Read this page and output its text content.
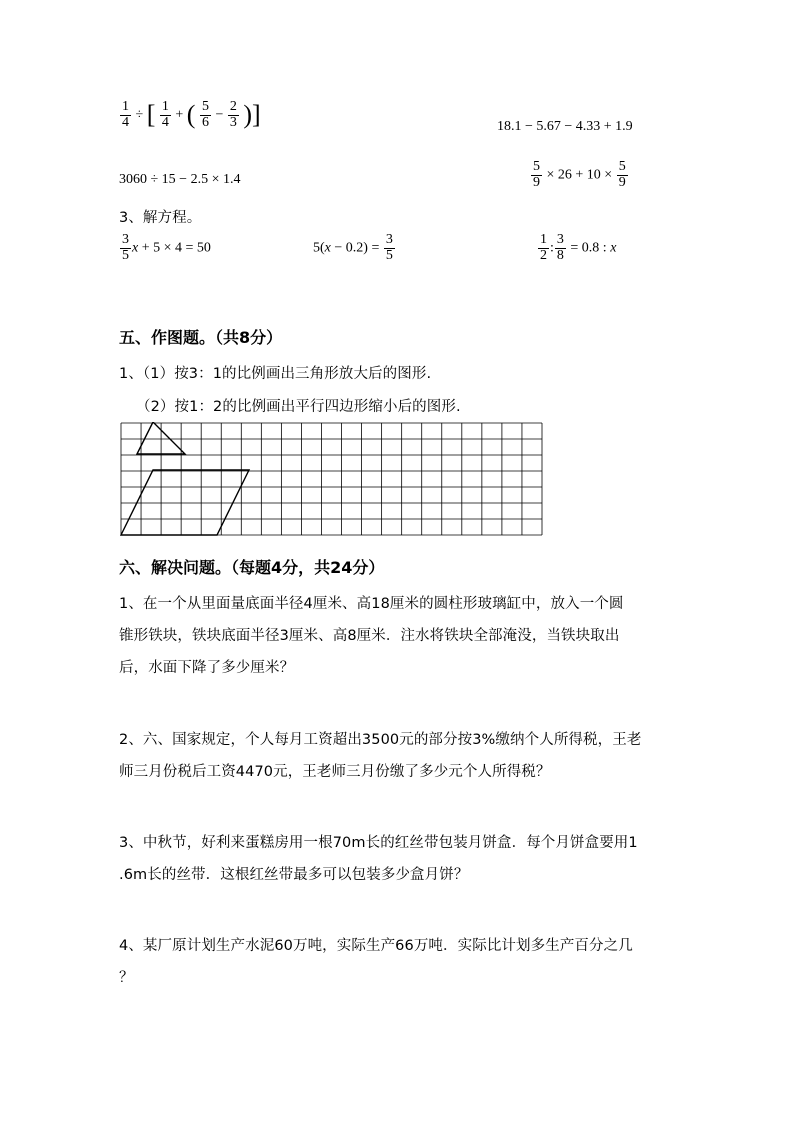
$\frac{1}{4}$ ÷ [ $\frac{1}{4}$ + ( $\frac{5}{6} - \frac{2}{3}$ )]	18.1 − 5.67 − 4.33 + 1.9
3060 ÷ 15 − 2.5 × 1.4	$\frac{5}{9} \times 26 + 10 \times \frac{5}{9}$
3、解方程。
$\frac{3}{5}$ x + 5 × 4 = 50	$5(x - 0.2) = \frac{3}{5}$	$\frac{1}{2}$ : $\frac{3}{8} = 0.8$ : x
五、作图题。（共8分）
1、（1）按3：1的比例画出三角形放大后的图形.
（2）按1：2的比例画出平行四边形缩小后的图形.
六、解决问题。（每题4分，共24分）
1、在一个从里面量底面半径4厘米、高18厘米的圆柱形玻璃缸中，放入一个圆
锥形铁块，铁块底面半径3厘米、高8厘米．注水将铁块全部淹没，当铁块取出
后，水面下降了多少厘米？
2、六、国家规定，个人每月工资超出3500元的部分按3%缴纳个人所得税，王老
师三月份税后工资4470元，王老师三月份缴了多少元个人所得税？
3、中秋节，好利来蛋糕房用一根70m长的红丝带包装月饼盒．每个月饼盒要用1
.6m长的丝带．这根红丝带最多可以包装多少盒月饼？
4、某厂原计划生产水泥60万吨，实际生产66万吨．实际比计划多生产百分之几
？
